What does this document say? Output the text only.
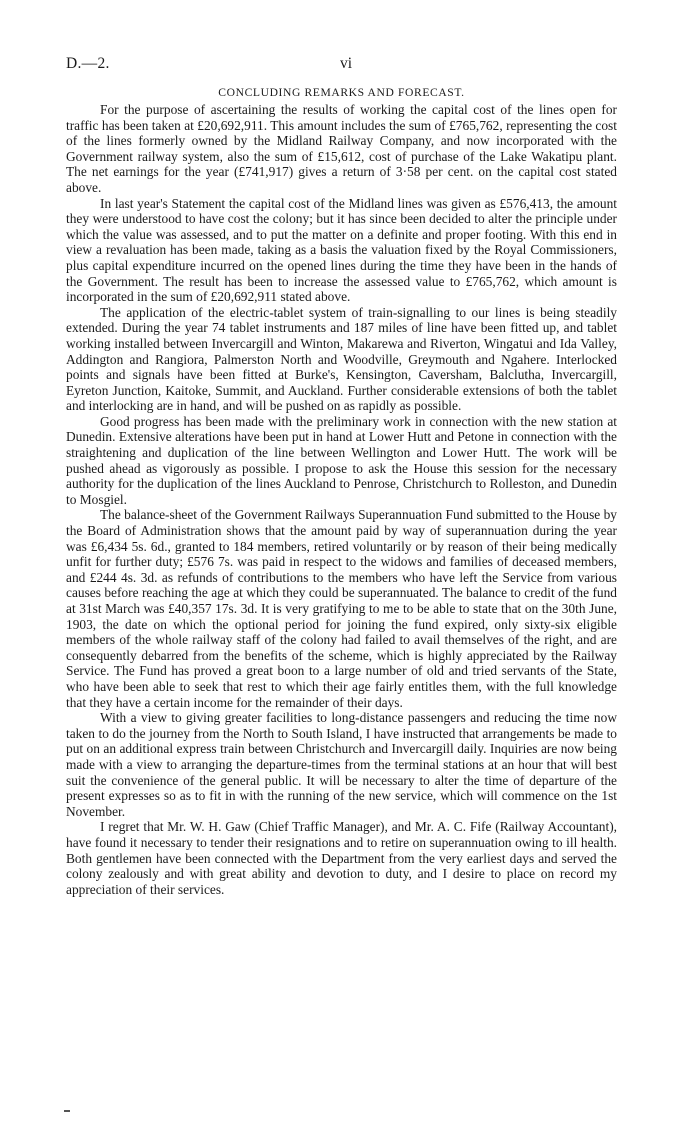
D.—2.	vi
CONCLUDING REMARKS AND FORECAST.

For the purpose of ascertaining the results of working the capital cost of the lines open for traffic has been taken at £20,692,911. This amount includes the sum of £765,762, representing the cost of the lines formerly owned by the Midland Railway Company, and now incorporated with the Government railway system, also the sum of £15,612, cost of purchase of the Lake Wakatipu plant. The net earnings for the year (£741,917) gives a return of 3·58 per cent. on the capital cost stated above.

In last year's Statement the capital cost of the Midland lines was given as £576,413, the amount they were understood to have cost the colony; but it has since been decided to alter the principle under which the value was assessed, and to put the matter on a definite and proper footing. With this end in view a revaluation has been made, taking as a basis the valuation fixed by the Royal Commissioners, plus capital expenditure incurred on the opened lines during the time they have been in the hands of the Government. The result has been to increase the assessed value to £765,762, which amount is incorporated in the sum of £20,692,911 stated above.

The application of the electric-tablet system of train-signalling to our lines is being steadily extended. During the year 74 tablet instruments and 187 miles of line have been fitted up, and tablet working installed between Invercargill and Winton, Makarewa and Riverton, Wingatui and Ida Valley, Addington and Rangiora, Palmerston North and Woodville, Greymouth and Ngahere. Interlocked points and signals have been fitted at Burke's, Kensington, Caversham, Balclutha, Invercargill, Eyreton Junction, Kaitoke, Summit, and Auckland. Further considerable extensions of both the tablet and interlocking are in hand, and will be pushed on as rapidly as possible.

Good progress has been made with the preliminary work in connection with the new station at Dunedin. Extensive alterations have been put in hand at Lower Hutt and Petone in connection with the straightening and duplication of the line between Wellington and Lower Hutt. The work will be pushed ahead as vigorously as possible. I propose to ask the House this session for the necessary authority for the duplication of the lines Auckland to Penrose, Christchurch to Rolleston, and Dunedin to Mosgiel.

The balance-sheet of the Government Railways Superannuation Fund submitted to the House by the Board of Administration shows that the amount paid by way of superannuation during the year was £6,434 5s. 6d., granted to 184 members, retired voluntarily or by reason of their being medically unfit for further duty; £576 7s. was paid in respect to the widows and families of deceased members, and £244 4s. 3d. as refunds of contributions to the members who have left the Service from various causes before reaching the age at which they could be superannuated. The balance to credit of the fund at 31st March was £40,357 17s. 3d. It is very gratifying to me to be able to state that on the 30th June, 1903, the date on which the optional period for joining the fund expired, only sixty-six eligible members of the whole railway staff of the colony had failed to avail themselves of the right, and are consequently debarred from the benefits of the scheme, which is highly appreciated by the Railway Service. The Fund has proved a great boon to a large number of old and tried servants of the State, who have been able to seek that rest to which their age fairly entitles them, with the full knowledge that they have a certain income for the remainder of their days.

With a view to giving greater facilities to long-distance passengers and reducing the time now taken to do the journey from the North to South Island, I have instructed that arrangements be made to put on an additional express train between Christchurch and Invercargill daily. Inquiries are now being made with a view to arranging the departure-times from the terminal stations at an hour that will best suit the convenience of the general public. It will be necessary to alter the time of departure of the present expresses so as to fit in with the running of the new service, which will commence on the 1st November.

I regret that Mr. W. H. Gaw (Chief Traffic Manager), and Mr. A. C. Fife (Railway Accountant), have found it necessary to tender their resignations and to retire on superannuation owing to ill health. Both gentlemen have been connected with the Department from the very earliest days and served the colony zealously and with great ability and devotion to duty, and I desire to place on record my appreciation of their services.
